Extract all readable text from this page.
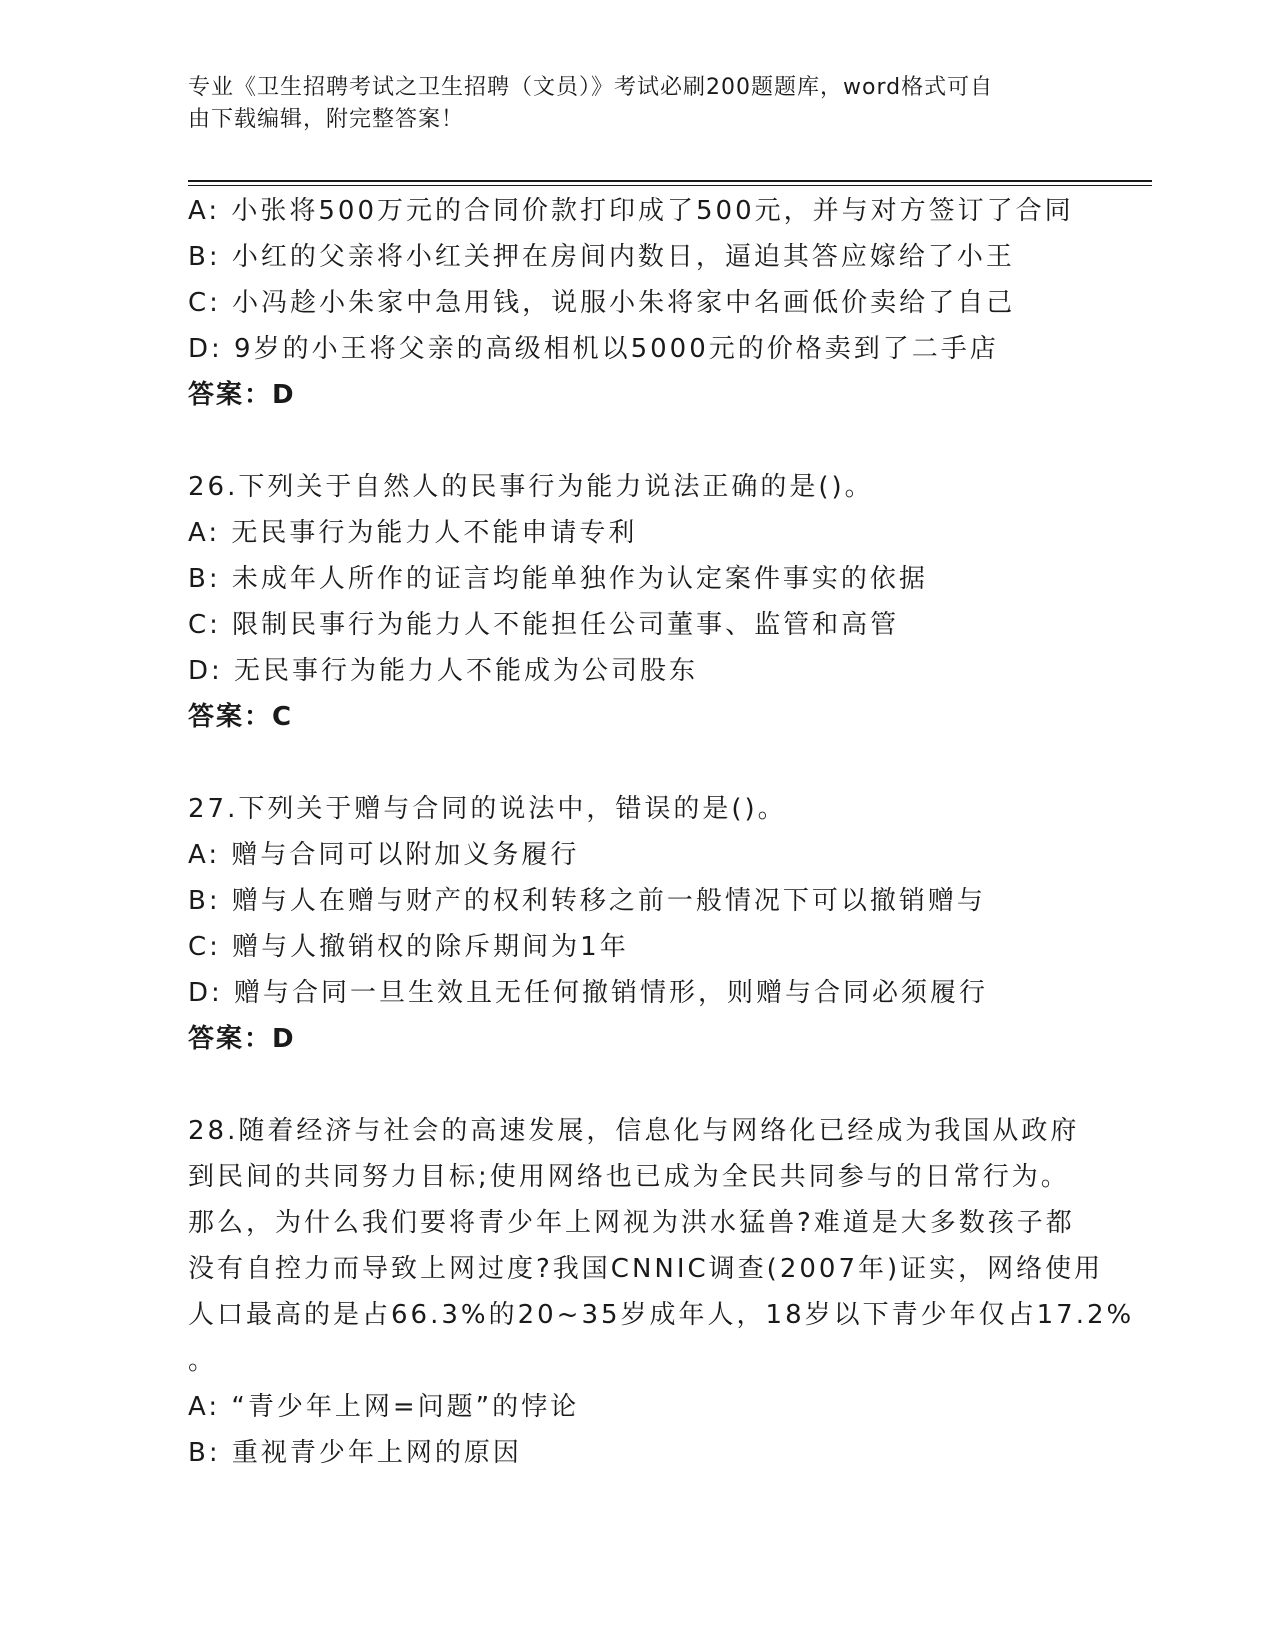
专业《卫生招聘考试之卫生招聘（文员）》考试必刷200题题库，word格式可自
由下载编辑，附完整答案！
A: 小张将500万元的合同价款打印成了500元，并与对方签订了合同
B: 小红的父亲将小红关押在房间内数日，逼迫其答应嫁给了小王
C: 小冯趁小朱家中急用钱，说服小朱将家中名画低价卖给了自己
D: 9岁的小王将父亲的高级相机以5000元的价格卖到了二手店
答案：D
26.下列关于自然人的民事行为能力说法正确的是()。
A: 无民事行为能力人不能申请专利
B: 未成年人所作的证言均能单独作为认定案件事实的依据
C: 限制民事行为能力人不能担任公司董事、监管和高管
D: 无民事行为能力人不能成为公司股东
答案：C
27.下列关于赠与合同的说法中，错误的是()。
A: 赠与合同可以附加义务履行
B: 赠与人在赠与财产的权利转移之前一般情况下可以撤销赠与
C: 赠与人撤销权的除斥期间为1年
D: 赠与合同一旦生效且无任何撤销情形，则赠与合同必须履行
答案：D
28.随着经济与社会的高速发展，信息化与网络化已经成为我国从政府
到民间的共同努力目标;使用网络也已成为全民共同参与的日常行为。
那么，为什么我们要将青少年上网视为洪水猛兽?难道是大多数孩子都
没有自控力而导致上网过度?我国CNNIC调查(2007年)证实，网络使用
人口最高的是占66.3%的20~35岁成年人，18岁以下青少年仅占17.2%
。
A: “青少年上网=问题”的悖论
B: 重视青少年上网的原因
